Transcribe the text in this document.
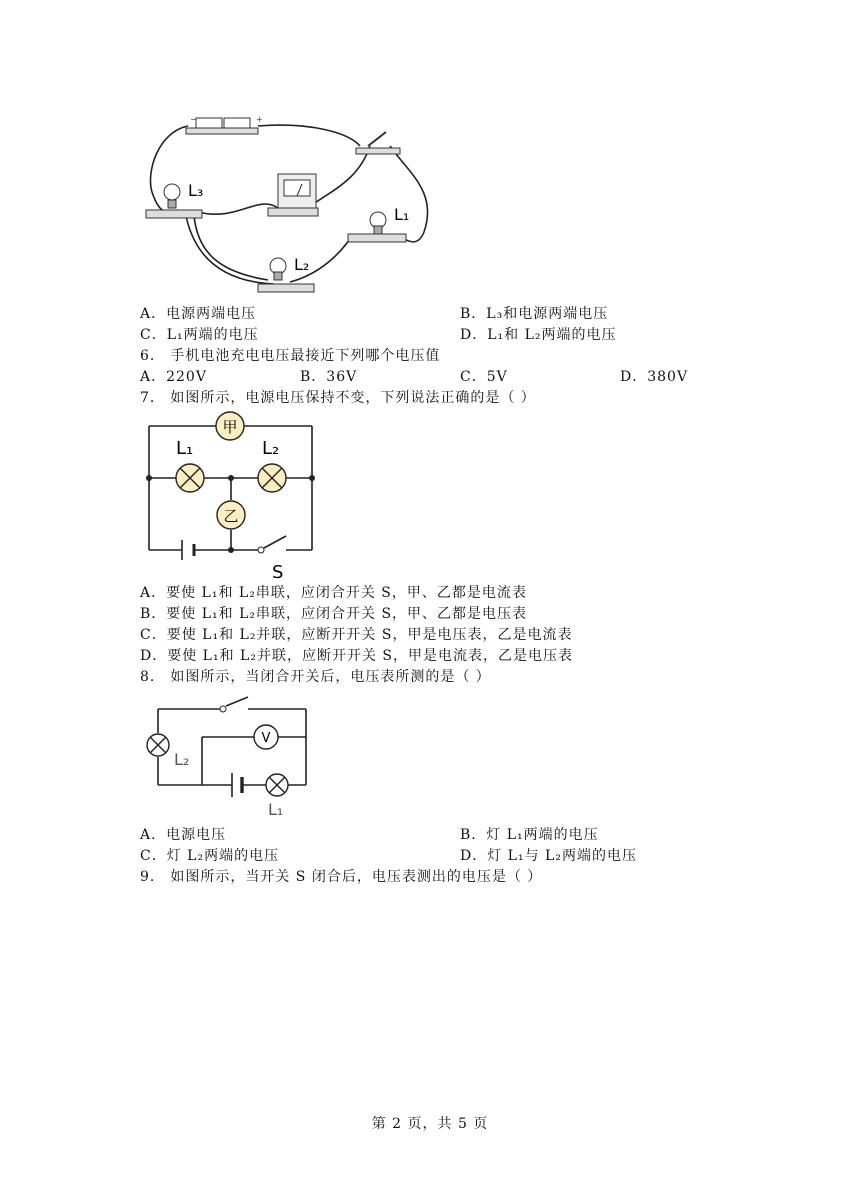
−	+
L₃
L₁
L₂
A．电源两端电压	B．L₃和电源两端电压
C．L₁两端的电压	D．L₁和 L₂两端的电压
6． 手机电池充电电压最接近下列哪个电压值
A．220V	B．36V	C．5V	D．380V
7． 如图所示，电源电压保持不变，下列说法正确的是（ ）
甲
乙
L₁	L₂
S
A．要使 L₁和 L₂串联，应闭合开关 S，甲、乙都是电流表
B．要使 L₁和 L₂串联，应闭合开关 S，甲、乙都是电压表
C．要使 L₁和 L₂并联，应断开开关 S，甲是电压表，乙是电流表
D．要使 L₁和 L₂并联，应断开开关 S，甲是电流表，乙是电压表
8． 如图所示，当闭合开关后，电压表所测的是（ ）
V
L₂
L₁
A．电源电压	B．灯 L₁两端的电压
C．灯 L₂两端的电压	D．灯 L₁与 L₂两端的电压
9． 如图所示，当开关 S 闭合后，电压表测出的电压是（ ）
第 2 页，共 5 页
